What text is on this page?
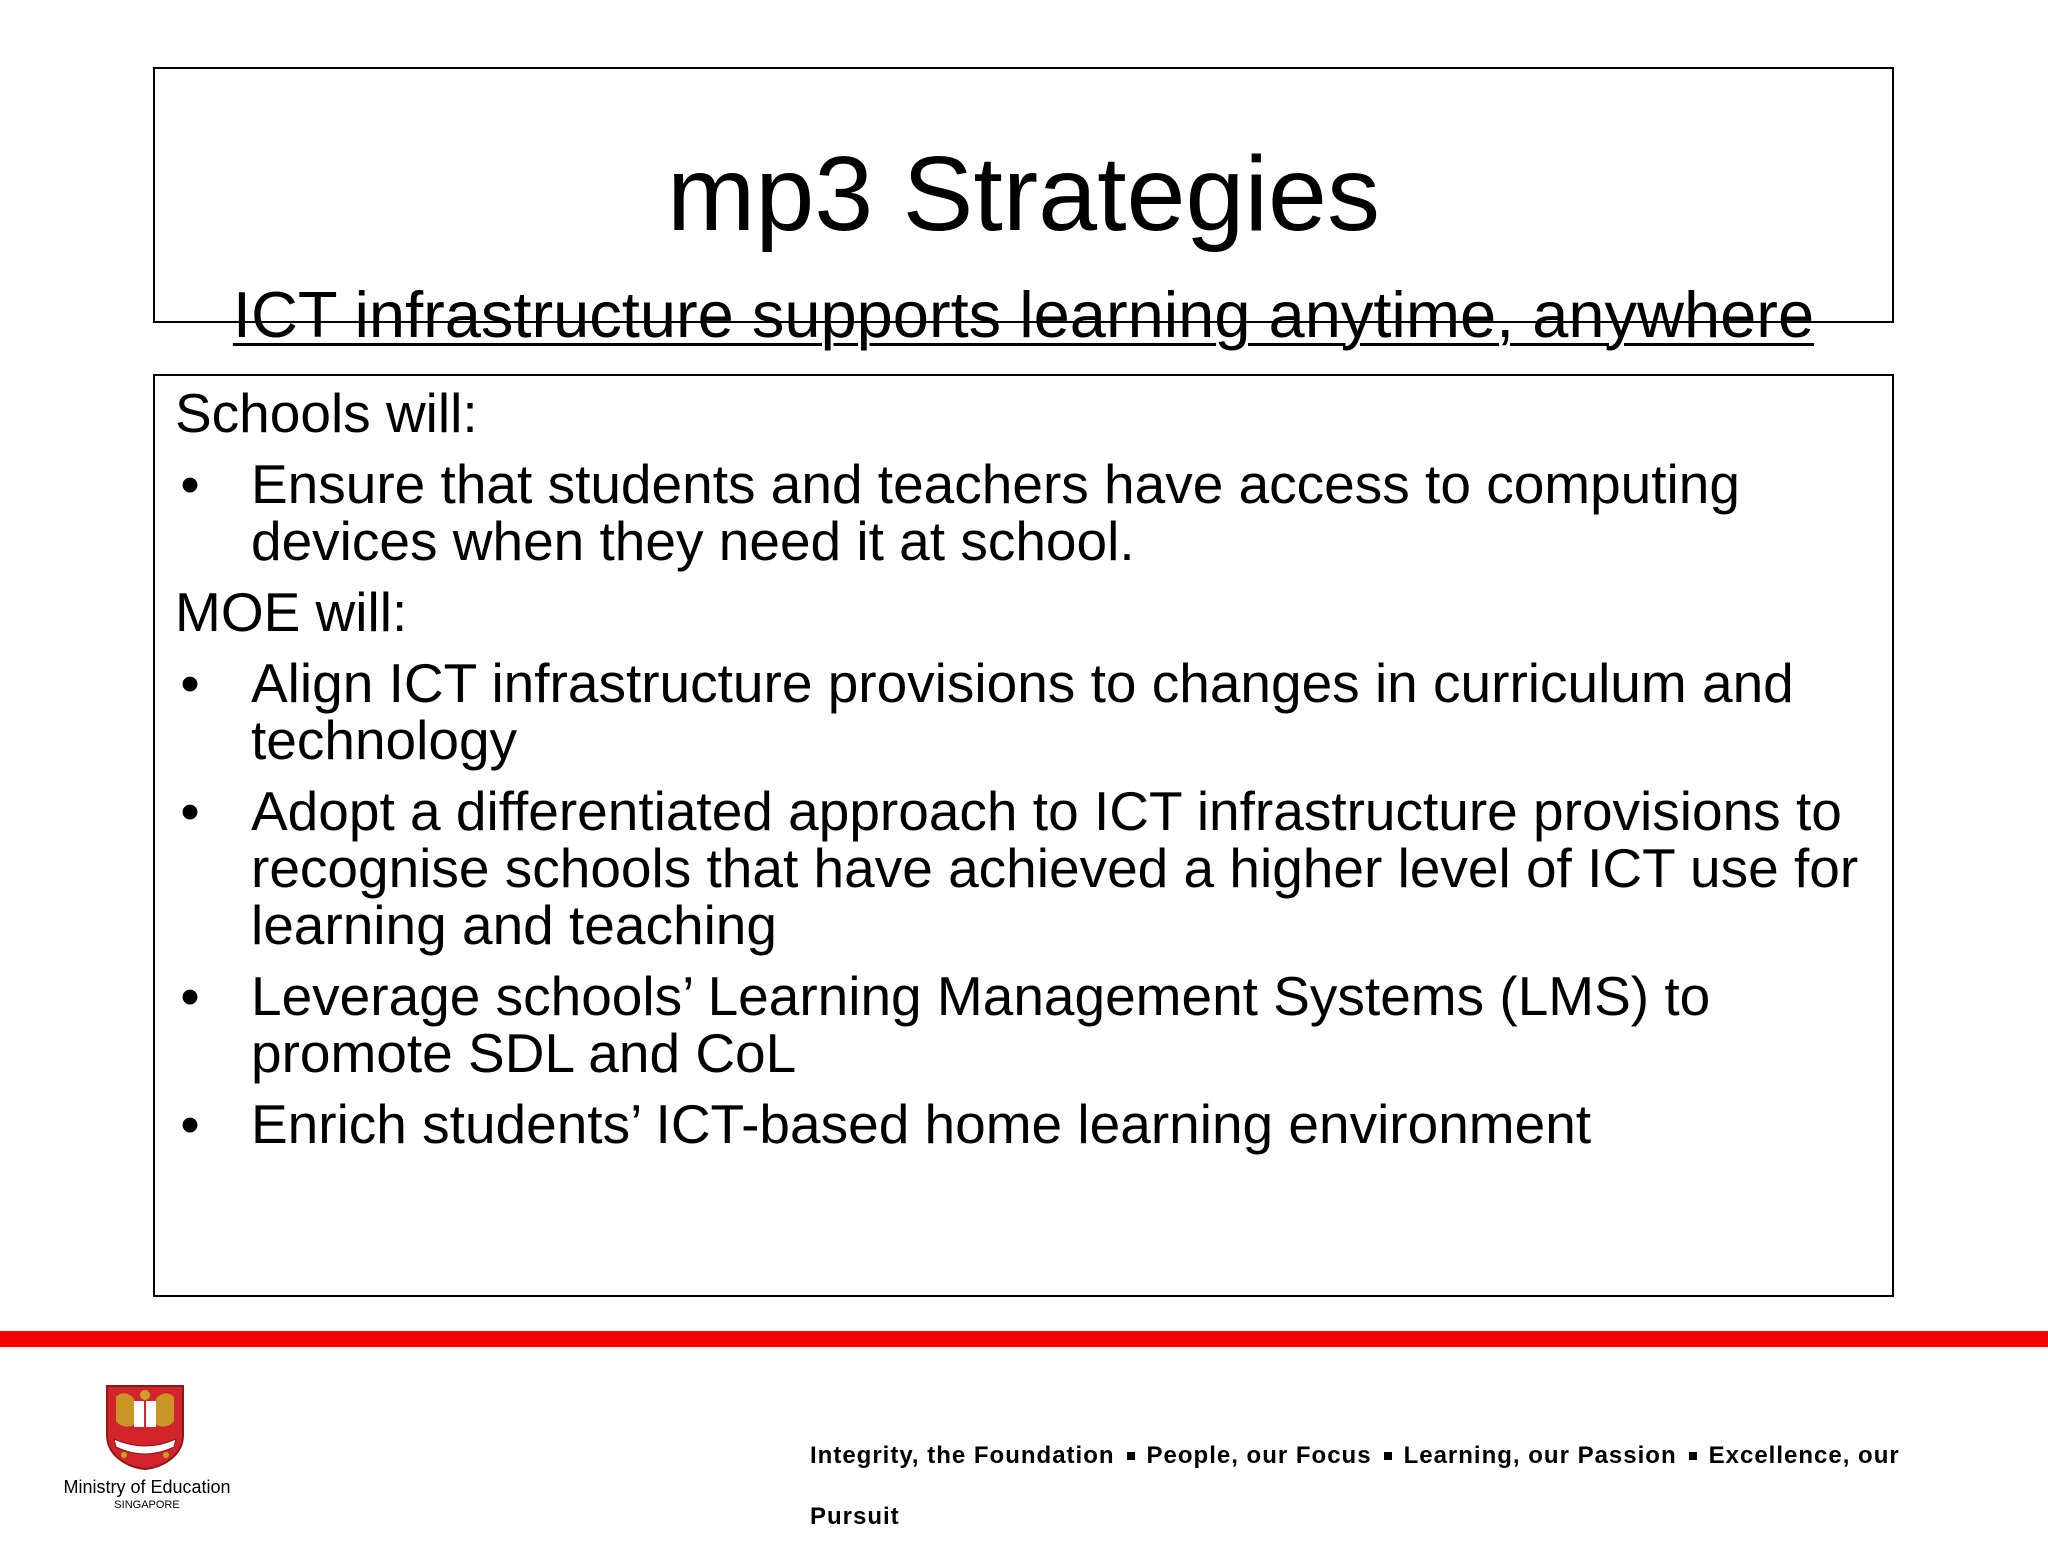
mp3 Strategies
ICT infrastructure supports learning anytime, anywhere

Schools will:

• Ensure that students and teachers have access to computing devices when they need it at school.

MOE will:

• Align ICT infrastructure provisions to changes in curriculum and technology
• Adopt a differentiated approach to ICT infrastructure provisions to recognise schools that have achieved a higher level of ICT use for learning and teaching
• Leverage schools’ Learning Management Systems (LMS) to promote SDL and CoL
• Enrich students’ ICT-based home learning environment
Ministry of Education
SINGAPORE
Integrity, the Foundation People, our Focus Learning, our Passion Excellence, our Pursuit
